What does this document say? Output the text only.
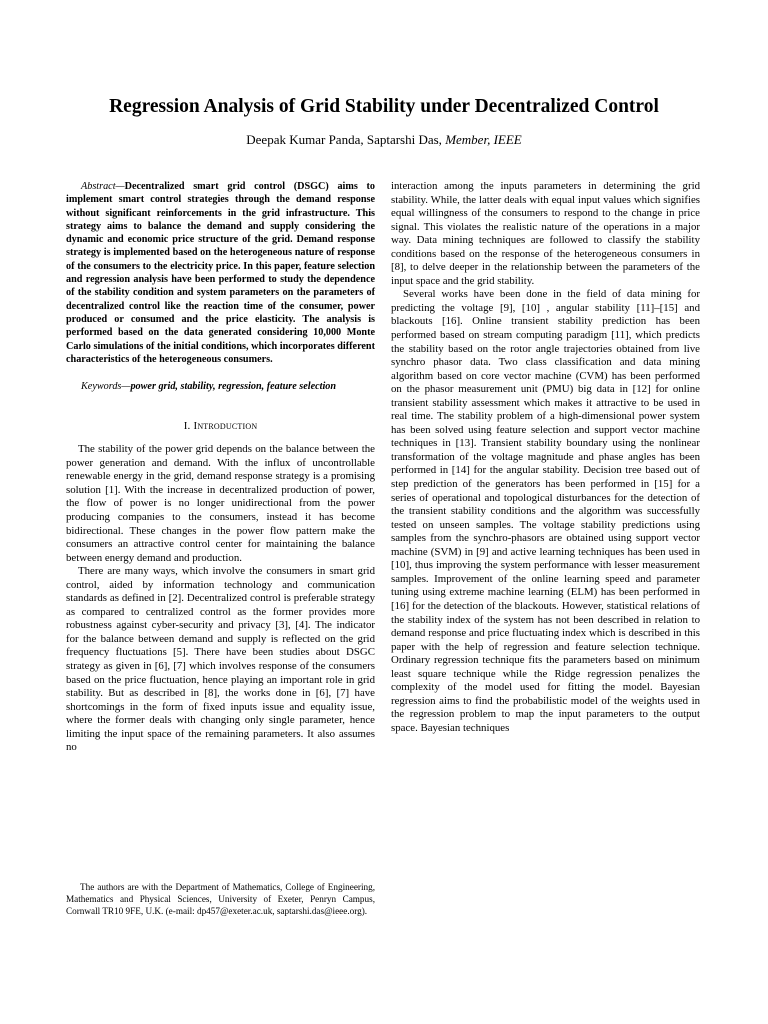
Regression Analysis of Grid Stability under Decentralized Control

Deepak Kumar Panda, Saptarshi Das, Member, IEEE

Abstract—Decentralized smart grid control (DSGC) aims to implement smart control strategies through the demand response without significant reinforcements in the grid infrastructure. This strategy aims to balance the demand and supply considering the dynamic and economic price structure of the grid. Demand response strategy is implemented based on the heterogeneous nature of response of the consumers to the electricity price. In this paper, feature selection and regression analysis have been performed to study the dependence of the stability condition and system parameters on the parameters of decentralized control like the reaction time of the consumer, power produced or consumed and the price elasticity. The analysis is performed based on the data generated considering 10,000 Monte Carlo simulations of the initial conditions, which incorporates different characteristics of the heterogeneous consumers.

Keywords—power grid, stability, regression, feature selection

I. Introduction

The stability of the power grid depends on the balance between the power generation and demand. With the influx of uncontrollable renewable energy in the grid, demand response strategy is a promising solution [1]. With the increase in decentralized production of power, the flow of power is no longer unidirectional from the power producing companies to the consumers, instead it has become bidirectional. These changes in the power flow pattern make the consumers an attractive control center for maintaining the balance between energy demand and production.

There are many ways, which involve the consumers in smart grid control, aided by information technology and communication standards as defined in [2]. Decentralized control is preferable strategy as compared to centralized control as the former provides more robustness against cyber-security and privacy [3], [4]. The indicator for the balance between demand and supply is reflected on the grid frequency fluctuations [5]. There have been studies about DSGC strategy as given in [6], [7] which involves response of the consumers based on the price fluctuation, hence playing an important role in grid stability. But as described in [8], the works done in [6], [7] have shortcomings in the form of fixed inputs issue and equality issue, where the former deals with changing only single parameter, hence limiting the input space of the remaining parameters. It also assumes no

interaction among the inputs parameters in determining the grid stability. While, the latter deals with equal input values which signifies equal willingness of the consumers to respond to the change in price signal. This violates the realistic nature of the operations in a major way. Data mining techniques are followed to classify the stability conditions based on the response of the heterogeneous consumers in [8], to delve deeper in the relationship between the parameters of the input space and the grid stability.

Several works have been done in the field of data mining for predicting the voltage [9], [10] , angular stability [11]–[15] and blackouts [16]. Online transient stability prediction has been performed based on stream computing paradigm [11], which predicts the stability based on the rotor angle trajectories obtained from live synchro phasor data. Two class classification and data mining algorithm based on core vector machine (CVM) has been performed on the phasor measurement unit (PMU) big data in [12] for online transient stability assessment which makes it attractive to be used in real time. The stability problem of a high-dimensional power system has been solved using feature selection and support vector machine techniques in [13]. Transient stability boundary using the nonlinear transformation of the voltage magnitude and phase angles has been performed in [14] for the angular stability. Decision tree based out of step prediction of the generators has been performed in [15] for a series of operational and topological disturbances for the detection of the transient stability conditions and the algorithm was successfully tested on unseen samples. The voltage stability predictions using samples from the synchro-phasors are obtained using support vector machine (SVM) in [9] and active learning techniques has been used in [10], thus improving the system performance with lesser measurement samples. Improvement of the online learning speed and parameter tuning using extreme machine learning (ELM) has been performed in [16] for the detection of the blackouts. However, statistical relations of the stability index of the system has not been described in relation to demand response and price fluctuating index which is described in this paper with the help of regression and feature selection technique. Ordinary regression technique fits the parameters based on minimum least square technique while the Ridge regression penalizes the complexity of the model used for fitting the model. Bayesian regression aims to find the probabilistic model of the weights used in the regression problem to map the input parameters to the output space. Bayesian techniques

The authors are with the Department of Mathematics, College of Engineering, Mathematics and Physical Sciences, University of Exeter, Penryn Campus, Cornwall TR10 9FE, U.K. (e-mail: dp457@exeter.ac.uk, saptarshi.das@ieee.org).
